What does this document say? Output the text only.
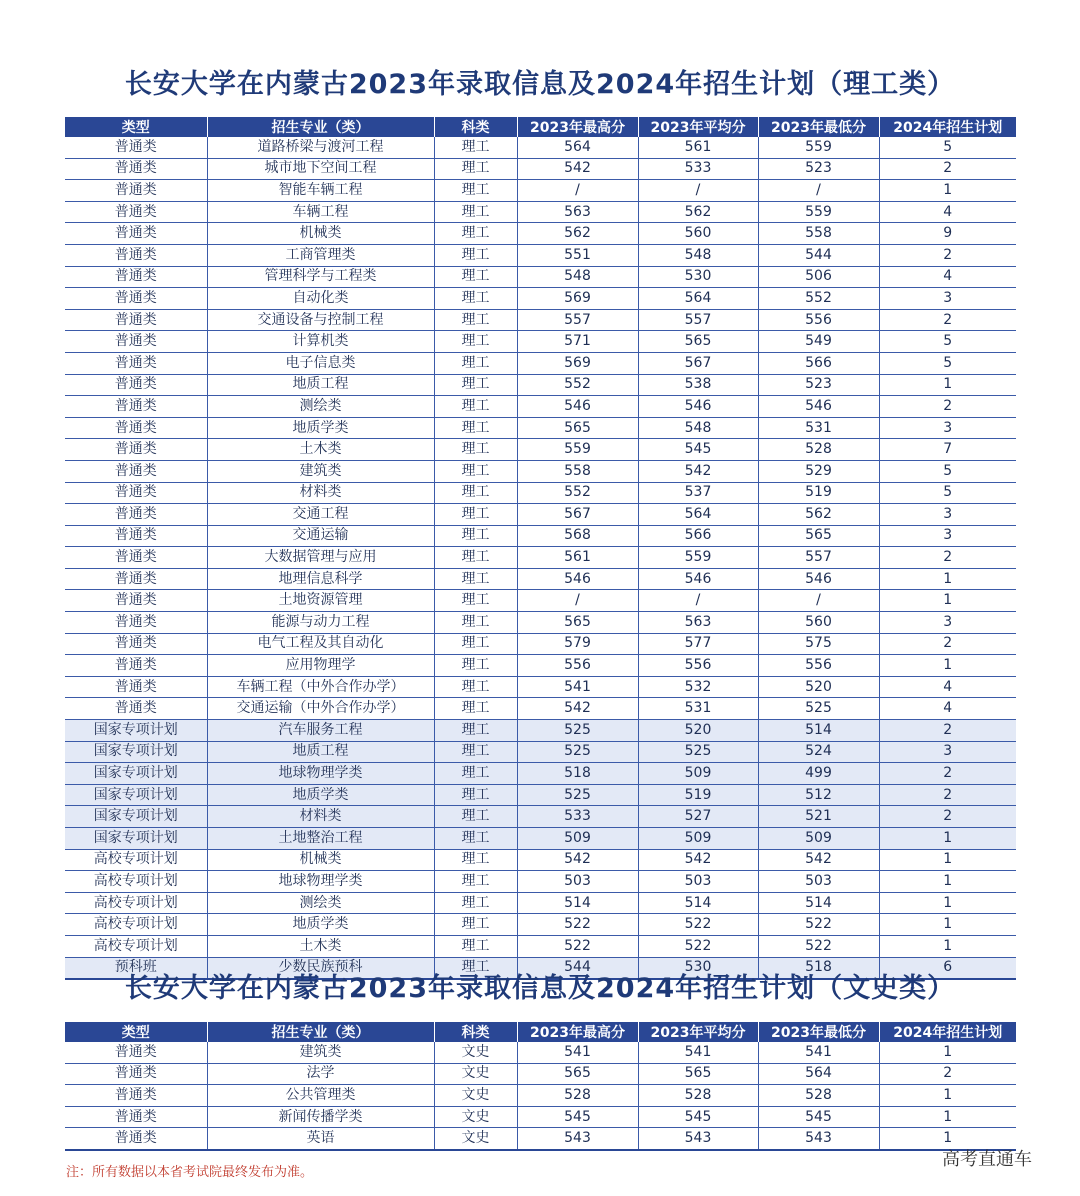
长安大学在内蒙古2023年录取信息及2024年招生计划（理工类）
类型	招生专业（类）	科类	2023年最高分	2023年平均分	2023年最低分	2024年招生计划
普通类	道路桥梁与渡河工程	理工	564	561	559	5
普通类	城市地下空间工程	理工	542	533	523	2
普通类	智能车辆工程	理工	/	/	/	1
普通类	车辆工程	理工	563	562	559	4
普通类	机械类	理工	562	560	558	9
普通类	工商管理类	理工	551	548	544	2
普通类	管理科学与工程类	理工	548	530	506	4
普通类	自动化类	理工	569	564	552	3
普通类	交通设备与控制工程	理工	557	557	556	2
普通类	计算机类	理工	571	565	549	5
普通类	电子信息类	理工	569	567	566	5
普通类	地质工程	理工	552	538	523	1
普通类	测绘类	理工	546	546	546	2
普通类	地质学类	理工	565	548	531	3
普通类	土木类	理工	559	545	528	7
普通类	建筑类	理工	558	542	529	5
普通类	材料类	理工	552	537	519	5
普通类	交通工程	理工	567	564	562	3
普通类	交通运输	理工	568	566	565	3
普通类	大数据管理与应用	理工	561	559	557	2
普通类	地理信息科学	理工	546	546	546	1
普通类	土地资源管理	理工	/	/	/	1
普通类	能源与动力工程	理工	565	563	560	3
普通类	电气工程及其自动化	理工	579	577	575	2
普通类	应用物理学	理工	556	556	556	1
普通类	车辆工程（中外合作办学）	理工	541	532	520	4
普通类	交通运输（中外合作办学）	理工	542	531	525	4
国家专项计划	汽车服务工程	理工	525	520	514	2
国家专项计划	地质工程	理工	525	525	524	3
国家专项计划	地球物理学类	理工	518	509	499	2
国家专项计划	地质学类	理工	525	519	512	2
国家专项计划	材料类	理工	533	527	521	2
国家专项计划	土地整治工程	理工	509	509	509	1
高校专项计划	机械类	理工	542	542	542	1
高校专项计划	地球物理学类	理工	503	503	503	1
高校专项计划	测绘类	理工	514	514	514	1
高校专项计划	地质学类	理工	522	522	522	1
高校专项计划	土木类	理工	522	522	522	1
预科班	少数民族预科	理工	544	530	518	6
长安大学在内蒙古2023年录取信息及2024年招生计划（文史类）
类型	招生专业（类）	科类	2023年最高分	2023年平均分	2023年最低分	2024年招生计划
普通类	建筑类	文史	541	541	541	1
普通类	法学	文史	565	565	564	2
普通类	公共管理类	文史	528	528	528	1
普通类	新闻传播学类	文史	545	545	545	1
普通类	英语	文史	543	543	543	1
注：所有数据以本省考试院最终发布为准。
高考直通车
